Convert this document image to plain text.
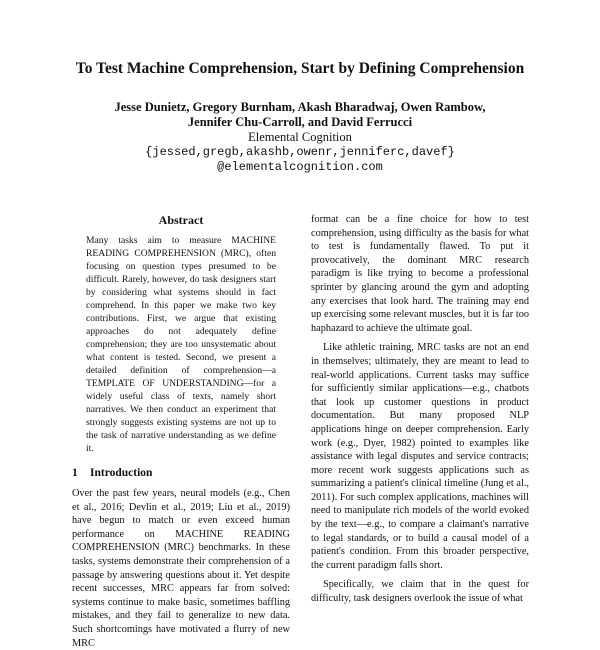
To Test Machine Comprehension, Start by Defining Comprehension
Jesse Dunietz, Gregory Burnham, Akash Bharadwaj, Owen Rambow,
Jennifer Chu-Carroll, and David Ferrucci
Elemental Cognition
{jessed,gregb,akashb,owenr,jenniferc,davef}
@elementalcognition.com
Abstract

Many tasks aim to measure MACHINE READING COMPREHENSION (MRC), often focusing on question types presumed to be difficult. Rarely, however, do task designers start by considering what systems should in fact comprehend. In this paper we make two key contributions. First, we argue that existing approaches do not adequately define comprehension; they are too unsystematic about what content is tested. Second, we present a detailed definition of comprehension—a TEMPLATE OF UNDERSTANDING—for a widely useful class of texts, namely short narratives. We then conduct an experiment that strongly suggests existing systems are not up to the task of narrative understanding as we define it.

1 Introduction

Over the past few years, neural models (e.g., Chen et al., 2016; Devlin et al., 2019; Liu et al., 2019) have begun to match or even exceed human performance on MACHINE READING COMPREHENSION (MRC) benchmarks. In these tasks, systems demonstrate their comprehension of a passage by answering questions about it. Yet despite recent successes, MRC appears far from solved: systems continue to make basic, sometimes baffling mistakes, and they fail to generalize to new data. Such shortcomings have motivated a flurry of new MRC

format can be a fine choice for how to test comprehension, using difficulty as the basis for what to test is fundamentally flawed. To put it provocatively, the dominant MRC research paradigm is like trying to become a professional sprinter by glancing around the gym and adopting any exercises that look hard. The training may end up exercising some relevant muscles, but it is far too haphazard to achieve the ultimate goal.

Like athletic training, MRC tasks are not an end in themselves; ultimately, they are meant to lead to real-world applications. Current tasks may suffice for sufficiently similar applications—e.g., chatbots that look up customer questions in product documentation. But many proposed NLP applications hinge on deeper comprehension. Early work (e.g., Dyer, 1982) pointed to examples like assistance with legal disputes and service contracts; more recent work suggests applications such as summarizing a patient's clinical timeline (Jung et al., 2011). For such complex applications, machines will need to manipulate rich models of the world evoked by the text—e.g., to compare a claimant's narrative to legal standards, or to build a causal model of a patient's condition. From this broader perspective, the current paradigm falls short.

Specifically, we claim that in the quest for difficulty, task designers overlook the issue of what
